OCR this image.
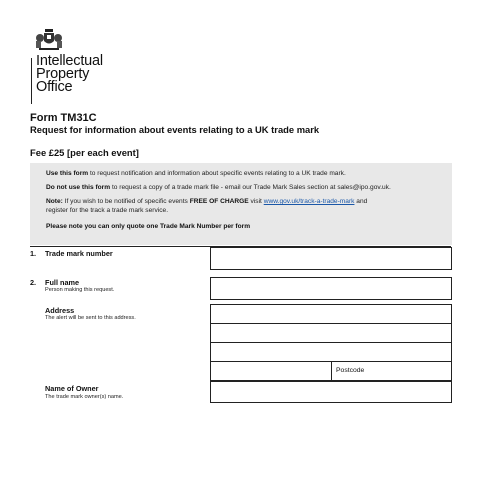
Intellectual
Property
Office
Form TM31C
Request for information about events relating to a UK trade mark
Fee £25 [per each event]

Use this form to request notification and information about specific events relating to a UK trade mark.

Do not use this form to request a copy of a trade mark file - email our Trade Mark Sales section at sales@ipo.gov.uk.

Note: If you wish to be notified of specific events FREE OF CHARGE visit www.gov.uk/track-a-trade-mark and

register for the track a trade mark service.

Please note you can only quote one Trade Mark Number per form

1. Trade mark number
2. Full name
Person making this request.
Address
The alert will be sent to this address.
Postcode
Name of Owner
The trade mark owner(s) name.
